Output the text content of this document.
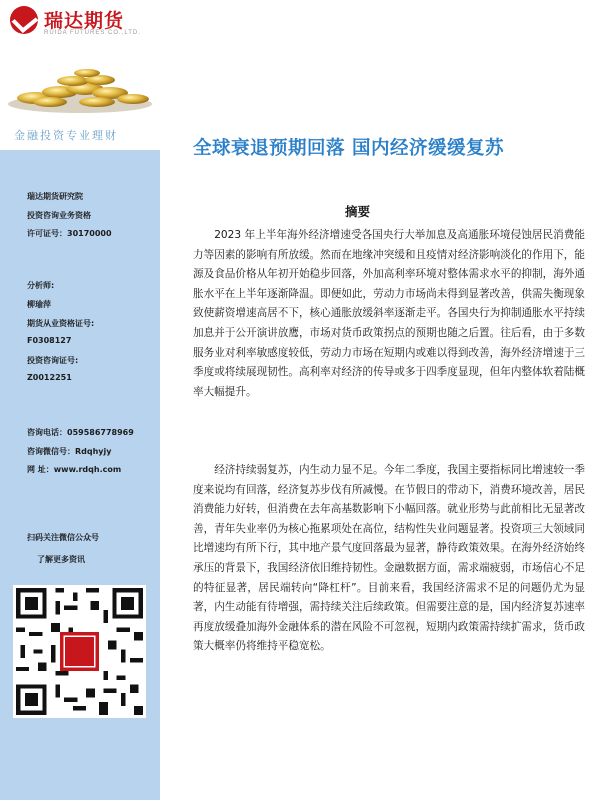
瑞达期货
RUIDA FUTURES CO.,LTD.
金融投资专业理财
全球衰退预期回落 国内经济缓缓复苏
瑞达期货研究院
投资咨询业务资格
许可证号：30170000
分析师:
柳瑜萍
期货从业资格证号:
F0308127
投资咨询证号:
Z0012251
咨询电话：059586778969
咨询微信号：Rdqhyjy
网 址：www.rdqh.com
扫码关注微信公众号
了解更多资讯
摘要

2023 年上半年海外经济增速受各国央行大举加息及高通胀环境侵蚀居民消费能力等因素的影响有所放缓。然而在地缘冲突缓和且疫情对经济影响淡化的作用下，能源及食品价格从年初开始稳步回落，外加高利率环境对整体需求水平的抑制，海外通胀水平在上半年逐渐降温。即便如此，劳动力市场尚未得到显著改善，供需失衡现象致使薪资增速高居不下，核心通胀放缓斜率逐渐走平。各国央行为抑制通胀水平持续加息并于公开演讲放鹰，市场对货币政策拐点的预期也随之后置。往后看，由于多数服务业对利率敏感度较低，劳动力市场在短期内或难以得到改善，海外经济增速于三季度或将续展现韧性。高利率对经济的传导或多于四季度显现，但年内整体软着陆概率大幅提升。

经济持续弱复苏，内生动力显不足。今年二季度，我国主要指标同比增速较一季度来说均有回落，经济复苏步伐有所减慢。在节假日的带动下，消费环境改善，居民消费能力好转，但消费在去年高基数影响下小幅回落。就业形势与此前相比无显著改善，青年失业率仍为核心拖累项处在高位，结构性失业问题显著。投资项三大领域同比增速均有所下行，其中地产景气度回落最为显著，静待政策效果。在海外经济始终承压的背景下，我国经济依旧维持韧性。金融数据方面，需求端疲弱，市场信心不足的特征显著，居民端转向“降杠杆”。目前来看，我国经济需求不足的问题仍尤为显著，内生动能有待增强，需持续关注后续政策。但需要注意的是，国内经济复苏速率再度放缓叠加海外金融体系的潜在风险不可忽视，短期内政策需持续扩需求，货币政策大概率仍将维持平稳宽松。
